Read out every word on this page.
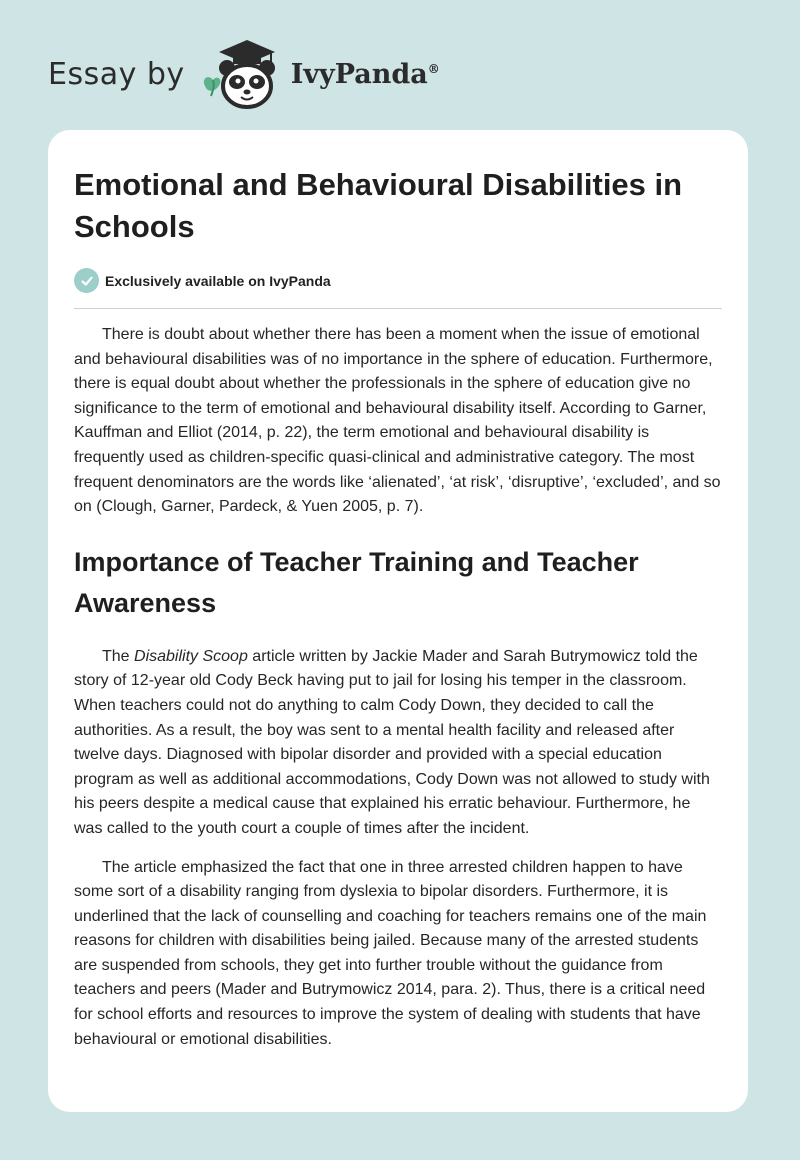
Essay by	IvyPanda®
Emotional and Behavioural Disabilities in Schools
Exclusively available on IvyPanda

There is doubt about whether there has been a moment when the issue of emotional and behavioural disabilities was of no importance in the sphere of education. Furthermore, there is equal doubt about whether the professionals in the sphere of education give no significance to the term of emotional and behavioural disability itself. According to Garner, Kauffman and Elliot (2014, p. 22), the term emotional and behavioural disability is frequently used as children-specific quasi-clinical and administrative category. The most frequent denominators are the words like ‘alienated’, ‘at risk’, ‘disruptive’, ‘excluded’, and so on (Clough, Garner, Pardeck, & Yuen 2005, p. 7).

Importance of Teacher Training and Teacher Awareness

The Disability Scoop article written by Jackie Mader and Sarah Butrymowicz told the story of 12-year old Cody Beck having put to jail for losing his temper in the classroom. When teachers could not do anything to calm Cody Down, they decided to call the authorities. As a result, the boy was sent to a mental health facility and released after twelve days. Diagnosed with bipolar disorder and provided with a special education program as well as additional accommodations, Cody Down was not allowed to study with his peers despite a medical cause that explained his erratic behaviour. Furthermore, he was called to the youth court a couple of times after the incident.

The article emphasized the fact that one in three arrested children happen to have some sort of a disability ranging from dyslexia to bipolar disorders. Furthermore, it is underlined that the lack of counselling and coaching for teachers remains one of the main reasons for children with disabilities being jailed. Because many of the arrested students are suspended from schools, they get into further trouble without the guidance from teachers and peers (Mader and Butrymowicz 2014, para. 2). Thus, there is a critical need for school efforts and resources to improve the system of dealing with students that have behavioural or emotional disabilities.
